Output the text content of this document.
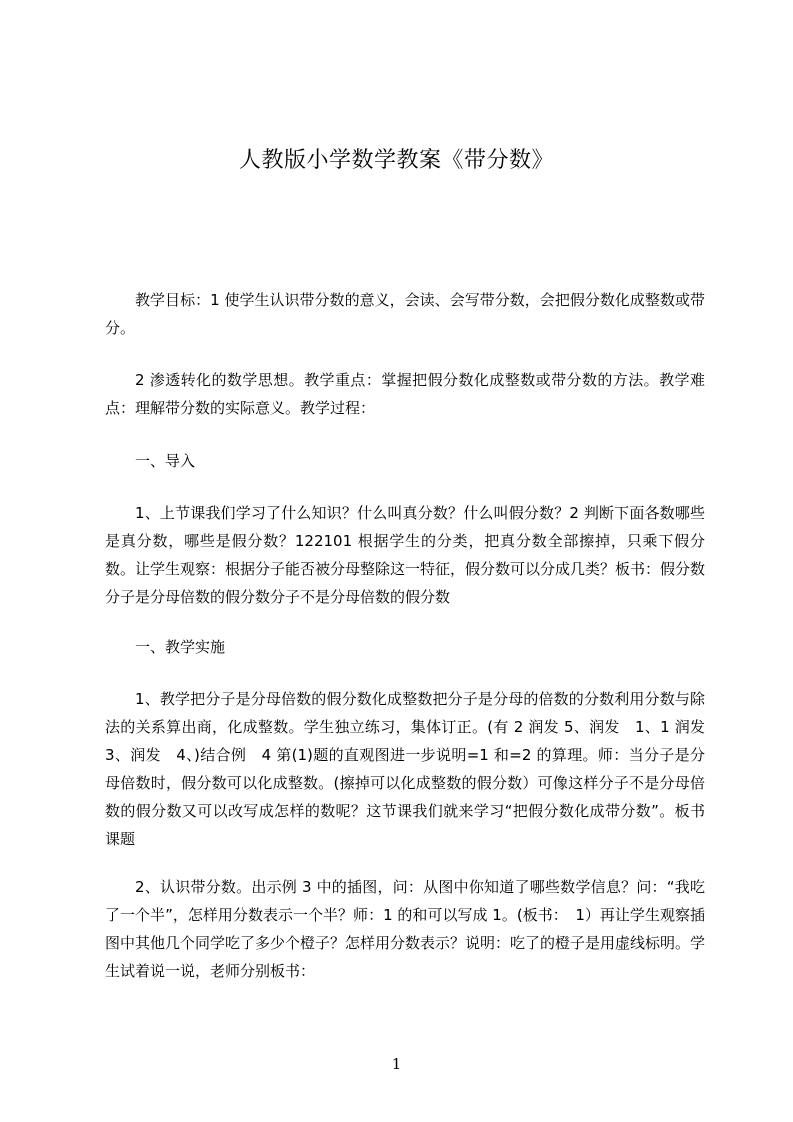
人教版小学数学教案《带分数》
教学目标：1 使学生认识带分数的意义，会读、会写带分数，会把假分数化成整数或带分。
2 渗透转化的数学思想。教学重点：掌握把假分数化成整数或带分数的方法。教学难点：理解带分数的实际意义。教学过程：
一、导入
1、上节课我们学习了什么知识？什么叫真分数？什么叫假分数？2 判断下面各数哪些是真分数，哪些是假分数？122101 根据学生的分类，把真分数全部擦掉，只乘下假分数。让学生观察：根据分子能否被分母整除这一特征，假分数可以分成几类？板书：假分数分子是分母倍数的假分数分子不是分母倍数的假分数
一、教学实施
1、教学把分子是分母倍数的假分数化成整数把分子是分母的倍数的分数利用分数与除法的关系算出商，化成整数。学生独立练习，集体订正。(有 2 润发 5、润发　1、1 润发 3、润发　4、)结合例　4 第(1)题的直观图进一步说明=1 和=2 的算理。师：当分子是分母倍数时，假分数可以化成整数。(擦掉可以化成整数的假分数）可像这样分子不是分母倍数的假分数又可以改写成怎样的数呢？这节课我们就来学习“把假分数化成带分数”。板书课题
2、认识带分数。出示例 3 中的插图，问：从图中你知道了哪些数学信息？问：“我吃了一个半”，怎样用分数表示一个半？师：1 的和可以写成 1。(板书：　1）再让学生观察插图中其他几个同学吃了多少个橙子？怎样用分数表示？说明：吃了的橙子是用虚线标明。学生试着说一说，老师分别板书：
1
